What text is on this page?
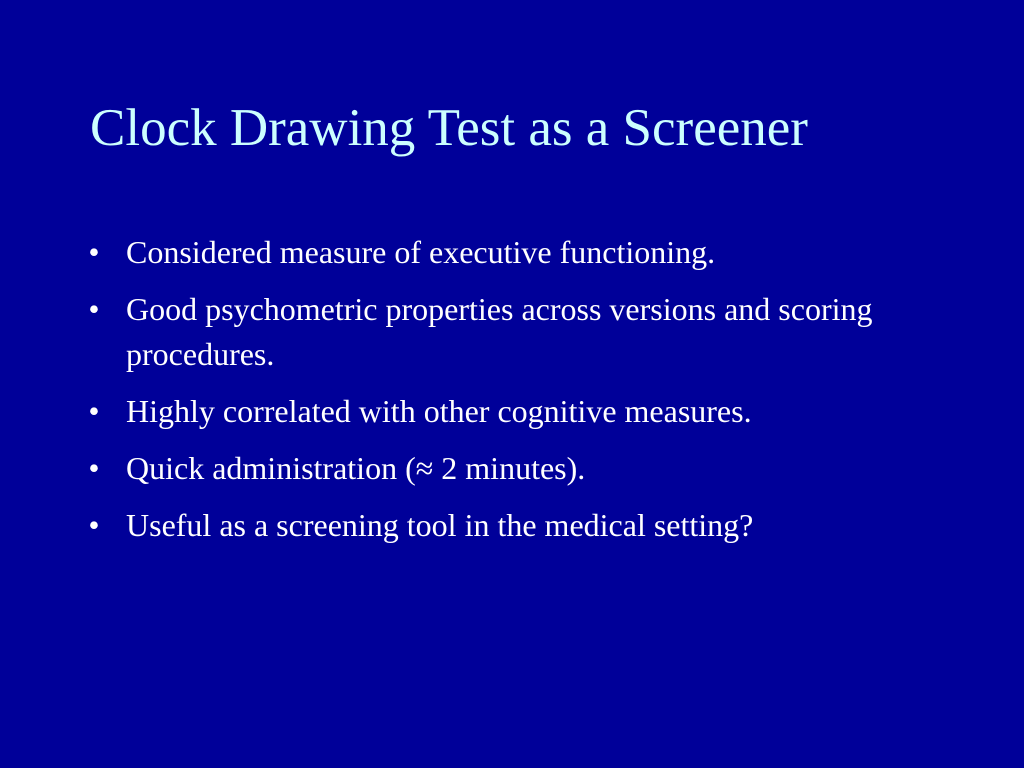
Clock Drawing Test as a Screener
• Considered measure of executive functioning.
• Good psychometric properties across versions and scoring procedures.
• Highly correlated with other cognitive measures.
• Quick administration (≈ 2 minutes).
• Useful as a screening tool in the medical setting?
